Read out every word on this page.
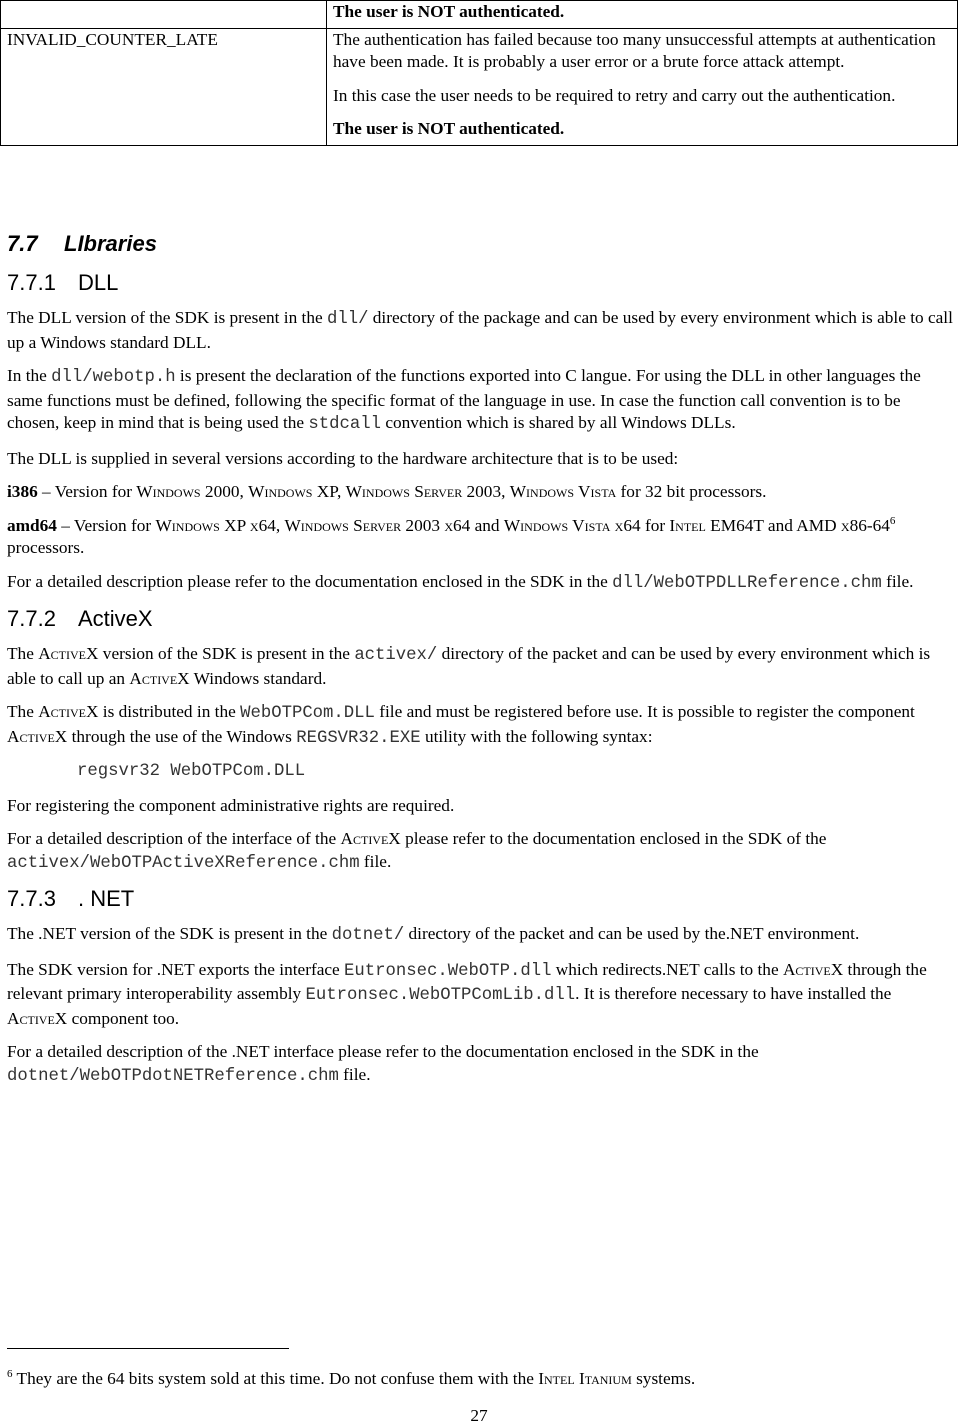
	The user is NOT authenticated.

INVALID_COUNTER_LATE	The authentication has failed because too many unsuccessful attempts at authentication have been made. It is probably a user error or a brute force attack attempt.

In this case the user needs to be required to retry and carry out the authentication.

The user is NOT authenticated.

7.7 LIbraries
7.7.1 DLL

The DLL version of the SDK is present in the dll/ directory of the package and can be used by every environment which is able to call up a Windows standard DLL.

In the dll/webotp.h is present the declaration of the functions exported into C langue. For using the DLL in other languages the same functions must be defined, following the specific format of the language in use. In case the function call convention is to be chosen, keep in mind that is being used the stdcall convention which is shared by all Windows DLLs.

The DLL is supplied in several versions according to the hardware architecture that is to be used:

i386 – Version for Windows 2000, Windows XP, Windows Server 2003, Windows Vista for 32 bit processors.

amd64 – Version for Windows XP x64, Windows Server 2003 x64 and Windows Vista x64 for Intel EM64T and AMD $x86-64^6$ processors.

For a detailed description please refer to the documentation enclosed in the SDK in the dll/WebOTPDLLReference.chm file.

7.7.2 ActiveX

The ActiveX version of the SDK is present in the activex/ directory of the packet and can be used by every environment which is able to call up an ActiveX Windows standard.

The ActiveX is distributed in the WebOTPCom.DLL file and must be registered before use. It is possible to register the component ActiveX through the use of the Windows REGSVR32.EXE utility with the following syntax:

regsvr32 WebOTPCom.DLL

For registering the component administrative rights are required.

For a detailed description of the interface of the ActiveX please refer to the documentation enclosed in the SDK of the activex/WebOTPActiveXReference.chm file.

7.7.3 . NET

The .NET version of the SDK is present in the dotnet/ directory of the packet and can be used by the.NET environment.

The SDK version for .NET exports the interface Eutronsec.WebOTP.dll which redirects.NET calls to the ActiveX through the relevant primary interoperability assembly Eutronsec.WebOTPComLib.dll. It is therefore necessary to have installed the ActiveX component too.

For a detailed description of the .NET interface please refer to the documentation enclosed in the SDK in the dotnet/WebOTPdotNETReference.chm file.

$^6$ They are the 64 bits system sold at this time. Do not confuse them with the Intel Itanium systems.
27
